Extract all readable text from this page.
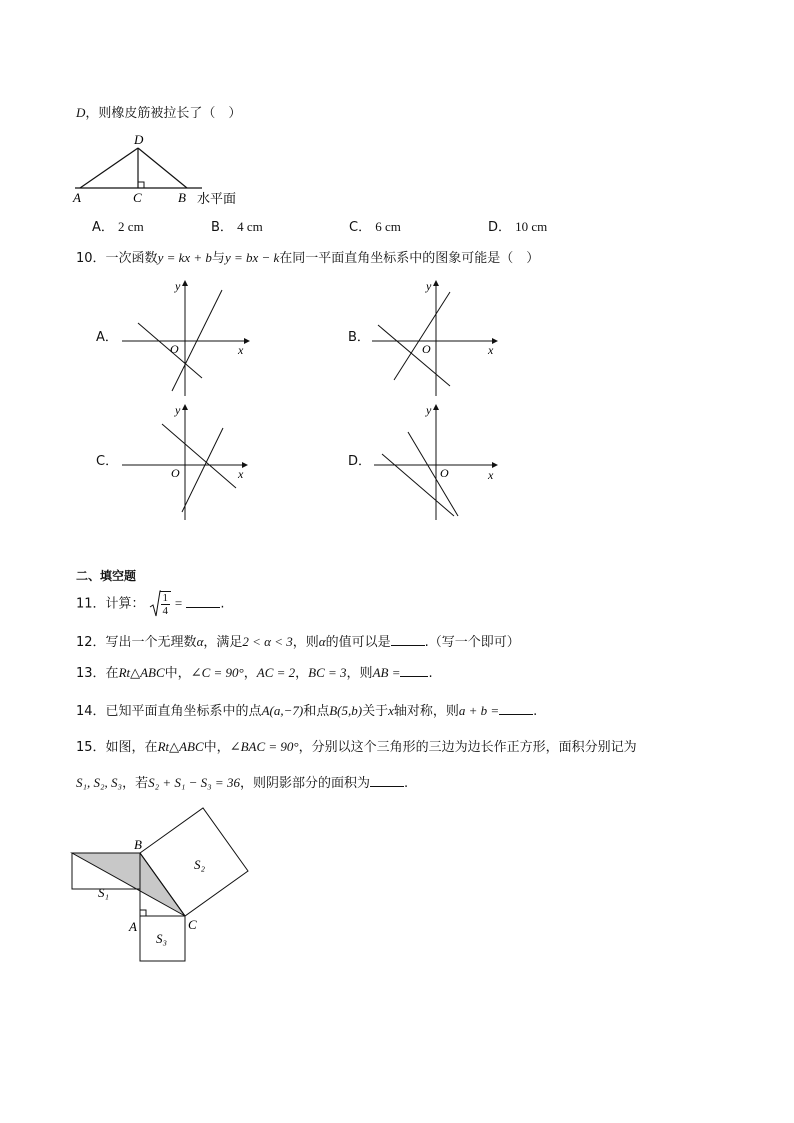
D，则橡皮筋被拉长了（　）
D
A	C	B 水平面
A． 2 cm	B． 4 cm	C． 6 cm	D． 10 cm
10．一次函数y = kx + b与y = bx − k在同一平面直角坐标系中的图象可能是（　）
A．
x
y
O
B．
x
y
O
C．
x
y
O
D．
x
y
O
二、填空题
11．计算： $\frac{1}{4}$ =	.
12．写出一个无理数α，满足2 < α < 3，则α的值可以是	.（写一个即可）
13．在Rt△ABC中，∠C = 90°，AC = 2，BC = 3，则AB = .
14．已知平面直角坐标系中的点A(a,−7)和点B(5,b)关于x轴对称，则a + b =	.
15．如图，在Rt△ABC中，∠BAC = 90°，分别以这个三角形的三边为边长作正方形，面积分别记为
S₁, S₂, S₃，若S₂ + S₁ − S₃ = 36，则阴影部分的面积为	.
B
A	C
S₁
S₂
S₃
